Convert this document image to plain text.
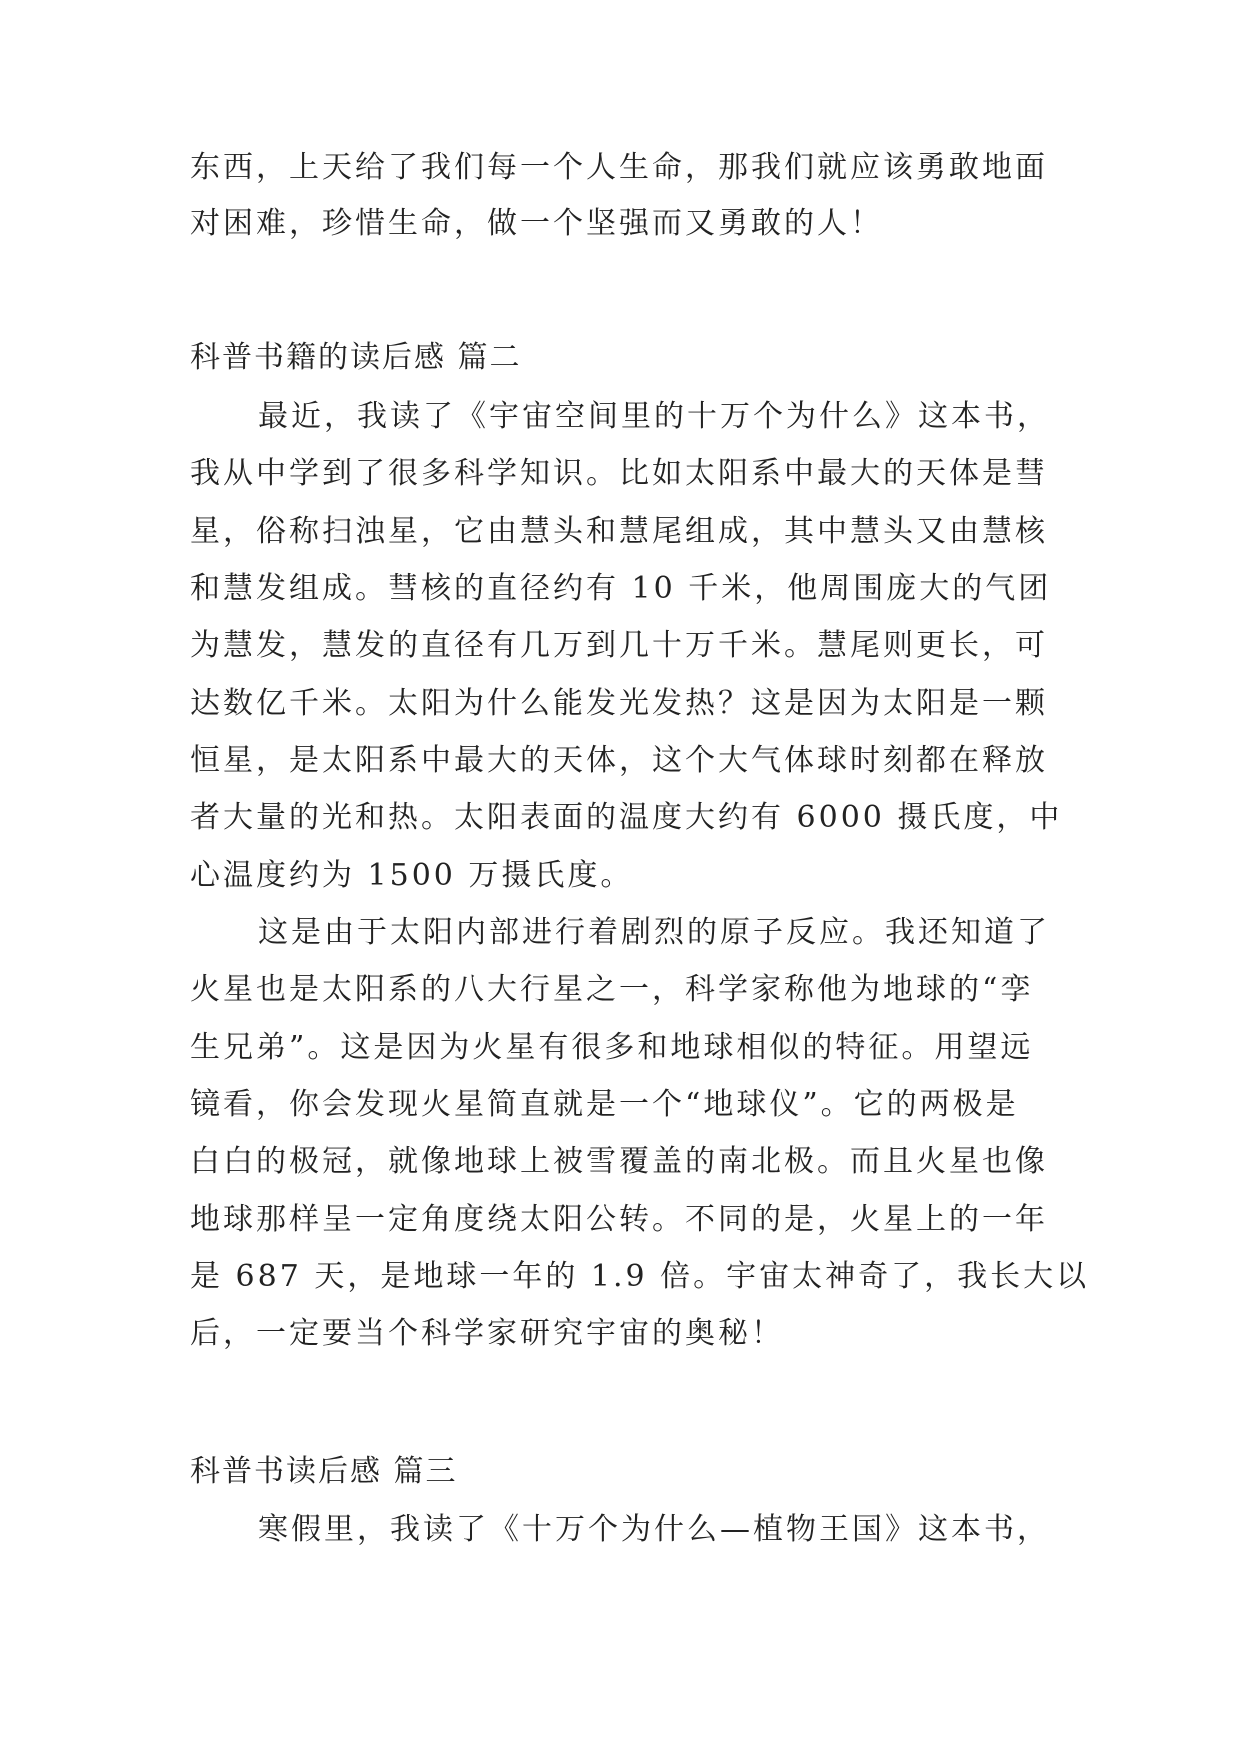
东西，上天给了我们每一个人生命，那我们就应该勇敢地面
对困难，珍惜生命，做一个坚强而又勇敢的人！
科普书籍的读后感 篇二
最近，我读了《宇宙空间里的十万个为什么》这本书，
我从中学到了很多科学知识。比如太阳系中最大的天体是彗
星，俗称扫浊星，它由慧头和慧尾组成，其中慧头又由慧核
和慧发组成。彗核的直径约有 10 千米，他周围庞大的气团
为慧发，慧发的直径有几万到几十万千米。慧尾则更长，可
达数亿千米。太阳为什么能发光发热？这是因为太阳是一颗
恒星，是太阳系中最大的天体，这个大气体球时刻都在释放
者大量的光和热。太阳表面的温度大约有 6000 摄氏度，中
心温度约为 1500 万摄氏度。
这是由于太阳内部进行着剧烈的原子反应。我还知道了
火星也是太阳系的八大行星之一，科学家称他为地球的“孪
生兄弟”。这是因为火星有很多和地球相似的特征。用望远
镜看，你会发现火星简直就是一个“地球仪”。它的两极是
白白的极冠，就像地球上被雪覆盖的南北极。而且火星也像
地球那样呈一定角度绕太阳公转。不同的是，火星上的一年
是 687 天，是地球一年的 1.9 倍。宇宙太神奇了，我长大以
后，一定要当个科学家研究宇宙的奥秘！
科普书读后感 篇三
寒假里，我读了《十万个为什么—植物王国》这本书，
